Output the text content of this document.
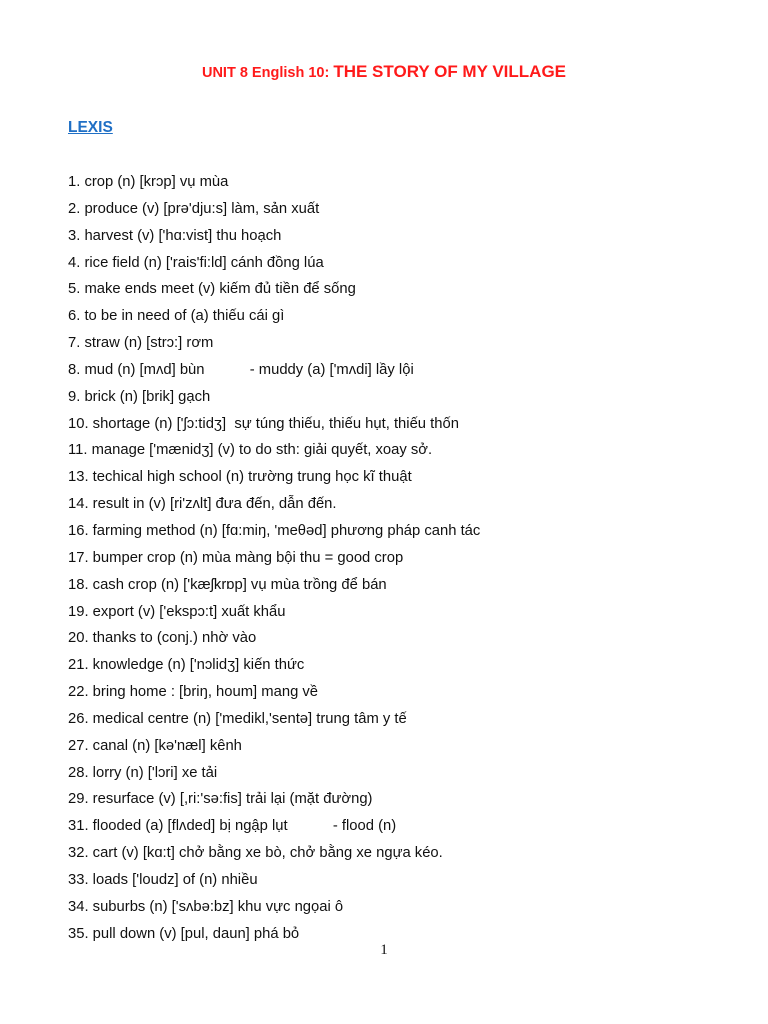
UNIT 8 English 10: THE STORY OF MY VILLAGE
LEXIS
1. crop (n) [krɔp] vụ mùa
2. produce (v) [prə'dju:s] làm, sản xuất
3. harvest (v) ['hɑ:vist] thu hoạch
4. rice field (n) ['rais'fi:ld] cánh đồng lúa
5. make ends meet (v) kiếm đủ tiền để sống
6. to be in need of (a) thiếu cái gì
7. straw (n) [strɔ:] rơm
8. mud (n) [mʌd] bùn           - muddy (a) ['mʌdi] lầy lội
9. brick (n) [brik] gạch
10. shortage (n) ['ʃɔ:tidʒ]  sự túng thiếu, thiếu hụt, thiếu thốn
11. manage ['mænidʒ] (v) to do sth: giải quyết, xoay sở.
13. techical high school (n) trường trung học kĩ thuật
14. result in (v) [ri'zʌlt] đưa đến, dẫn đến.
16. farming method (n) [fɑ:miŋ, 'meθəd] phương pháp canh tác
17. bumper crop (n) mùa màng bội thu = good crop
18. cash crop (n) ['kæʃkrɒp] vụ mùa trồng để bán
19. export (v) ['ekspɔ:t] xuất khẩu
20. thanks to (conj.) nhờ vào
21. knowledge (n) ['nɔlidʒ] kiến thức
22. bring home : [briŋ, houm] mang về
26. medical centre (n) ['medikl,'sentə] trung tâm y tế
27. canal (n) [kə'næl] kênh
28. lorry (n) ['lɔri] xe tải
29. resurface (v) [,ri:'sə:fis] trải lại (mặt đường)
31. flooded (a) [flʌded] bị ngập lụt           - flood (n)
32. cart (v) [kɑ:t] chở bằng xe bò, chở bằng xe ngựa kéo.
33. loads ['loudz] of (n) nhiều
34. suburbs (n) ['sʌbə:bz] khu vực ngọai ô
35. pull down (v) [pul, daun] phá bỏ
1
